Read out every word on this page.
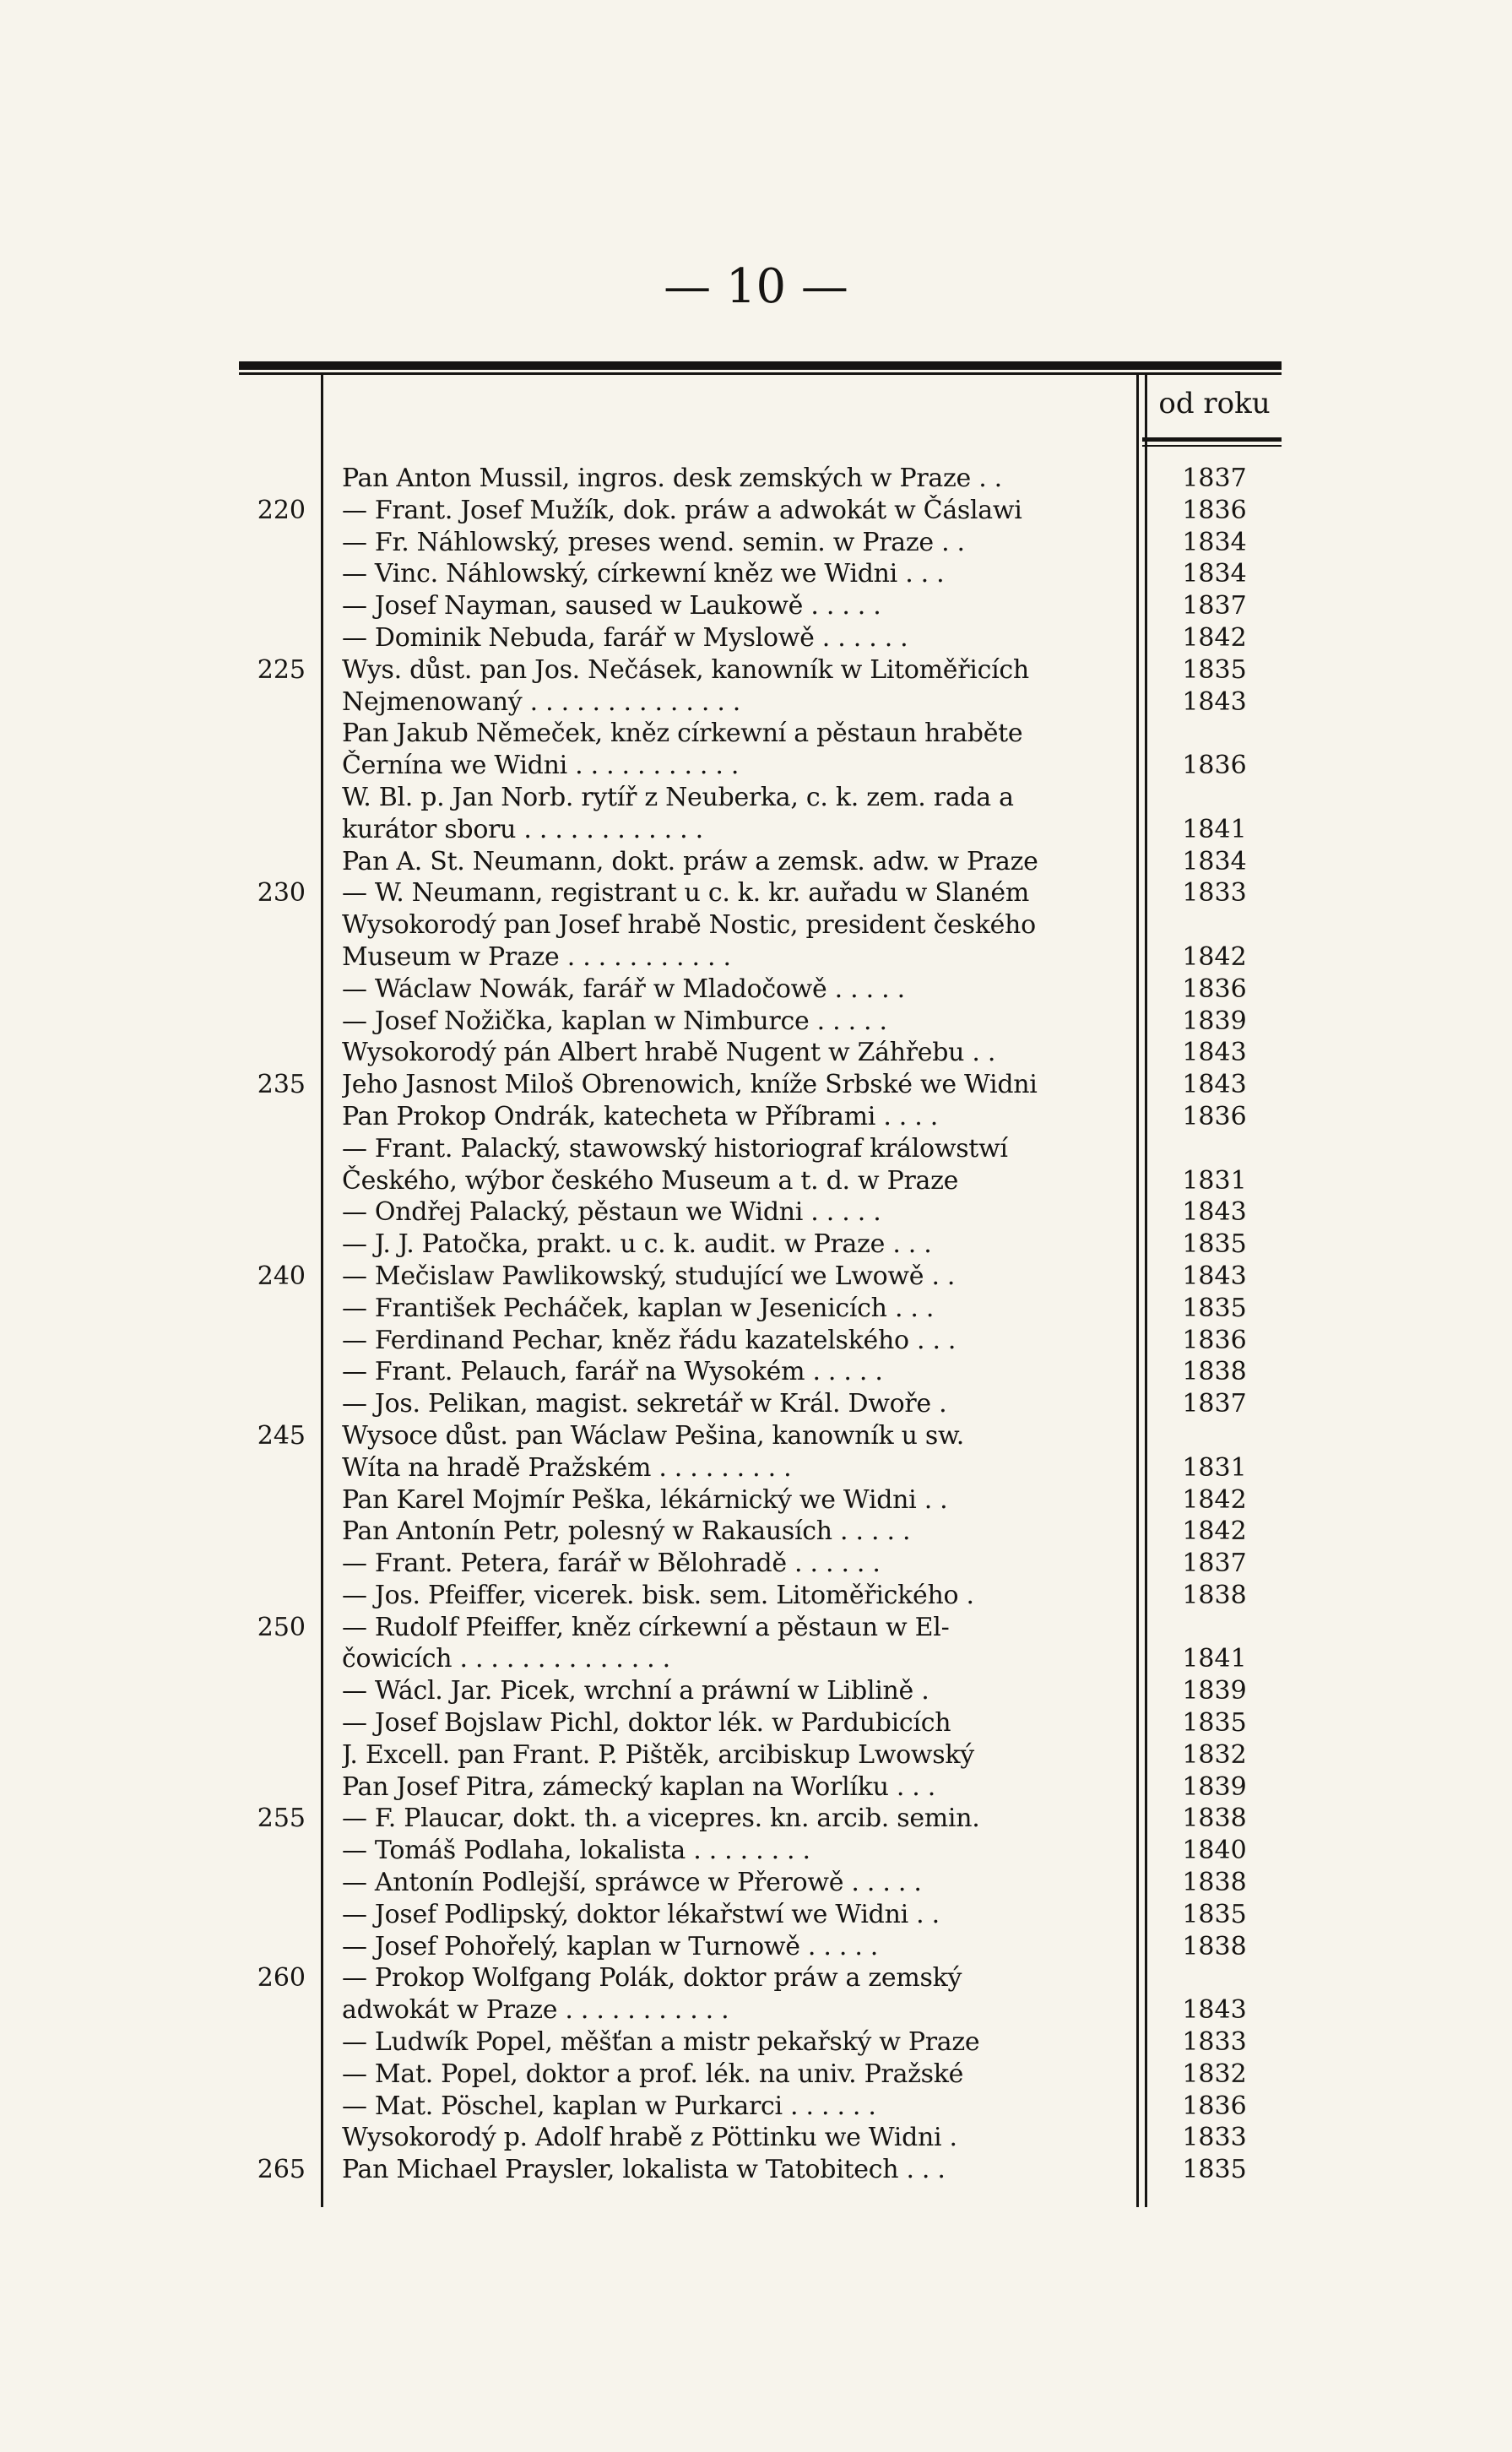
— 10 —
od roku
Pan Anton Mussil, ingros. desk zemských w Praze . .	1837
220 — Frant. Josef Mužík, dok. práw a adwokát w Čáslawi	1836
— Fr. Náhlowský, preses wend. semin. w Praze . .	1834
— Vinc. Náhlowský, církewní kněz we Widni . . .	1834
— Josef Nayman, saused w Laukowě . . . . .	1837
— Dominik Nebuda, farář w Myslowě . . . . . .	1842
225 Wys. důst. pan Jos. Nečásek, kanowník w Litoměřicích	1835
Nejmenowaný . . . . . . . . . . . . . .	1843
Pan Jakub Němeček, kněz církewní a pěstaun hraběte
Černína we Widni . . . . . . . . . . .	1836
W. Bl. p. Jan Norb. rytíř z Neuberka, c. k. zem. rada a
kurátor sboru . . . . . . . . . . . .	1841
Pan A. St. Neumann, dokt. práw a zemsk. adw. w Praze	1834
230 — W. Neumann, registrant u c. k. kr. auřadu w Slaném	1833
Wysokorodý pan Josef hrabě Nostic, president českého
Museum w Praze . . . . . . . . . . .	1842
— Wáclaw Nowák, farář w Mladočowě . . . . .	1836
— Josef Nožička, kaplan w Nimburce . . . . .	1839
Wysokorodý pán Albert hrabě Nugent w Záhřebu . .	1843
235 Jeho Jasnost Miloš Obrenowich, kníže Srbské we Widni	1843
Pan Prokop Ondrák, katecheta w Příbrami . . . .	1836
— Frant. Palacký, stawowský historiograf králowstwí
Českého, wýbor českého Museum a t. d. w Praze	1831
— Ondřej Palacký, pěstaun we Widni . . . . .	1843
— J. J. Patočka, prakt. u c. k. audit. w Praze . . .	1835
240 — Mečislaw Pawlikowský, studující we Lwowě . .	1843
— František Pecháček, kaplan w Jesenicích . . .	1835
— Ferdinand Pechar, kněz řádu kazatelského . . .	1836
— Frant. Pelauch, farář na Wysokém . . . . .	1838
— Jos. Pelikan, magist. sekretář w Král. Dwoře .	1837
245 Wysoce důst. pan Wáclaw Pešina, kanowník u sw.
Wíta na hradě Pražském . . . . . . . . .	1831
Pan Karel Mojmír Peška, lékárnický we Widni . .	1842
Pan Antonín Petr, polesný w Rakausích . . . . .	1842
— Frant. Petera, farář w Bělohradě . . . . . .	1837
— Jos. Pfeiffer, vicerek. bisk. sem. Litoměřického .	1838
250 — Rudolf Pfeiffer, kněz církewní a pěstaun w El-
čowicích . . . . . . . . . . . . . .	1841
— Wácl. Jar. Picek, wrchní a práwní w Liblině .	1839
— Josef Bojslaw Pichl, doktor lék. w Pardubicích	1835
J. Excell. pan Frant. P. Pištěk, arcibiskup Lwowský	1832
Pan Josef Pitra, zámecký kaplan na Worlíku . . .	1839
255 — F. Plaucar, dokt. th. a vicepres. kn. arcib. semin.	1838
— Tomáš Podlaha, lokalista . . . . . . . .	1840
— Antonín Podlejší, spráwce w Přerowě . . . . .	1838
— Josef Podlipský, doktor lékařstwí we Widni . .	1835
— Josef Pohořelý, kaplan w Turnowě . . . . .	1838
260 — Prokop Wolfgang Polák, doktor práw a zemský
adwokát w Praze . . . . . . . . . . .	1843
— Ludwík Popel, měšťan a mistr pekařský w Praze	1833
— Mat. Popel, doktor a prof. lék. na univ. Pražské	1832
— Mat. Pöschel, kaplan w Purkarci . . . . . .	1836
Wysokorodý p. Adolf hrabě z Pöttinku we Widni .	1833
265 Pan Michael Praysler, lokalista w Tatobitech . . .	1835
